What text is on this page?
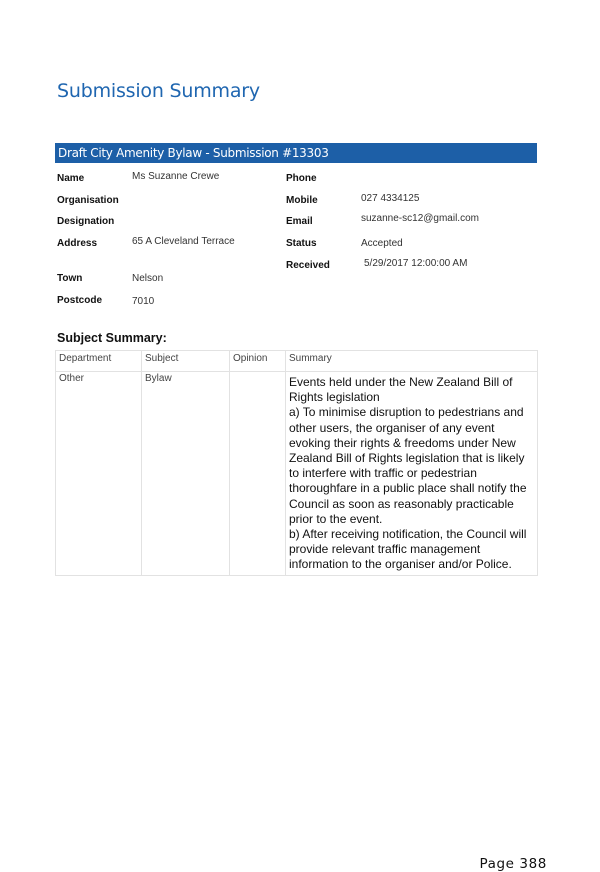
Submission Summary
Draft City Amenity Bylaw - Submission #13303
Name	Ms Suzanne Crewe
Organisation
Designation
Address	65 A Cleveland Terrace
Town	Nelson
Postcode	7010
Phone
Mobile	027 4334125
Email	suzanne-sc12@gmail.com
Status	Accepted
Received	5/29/2017 12:00:00 AM
Subject Summary:
Department	Subject	Opinion	Summary
Other	Bylaw		Events held under the New Zealand Bill of Rights legislation
a) To minimise disruption to pedestrians and other users, the organiser of any event evoking their rights & freedoms under New Zealand Bill of Rights legislation that is likely to interfere with traffic or pedestrian thoroughfare in a public place shall notify the Council as soon as reasonably practicable prior to the event.
b) After receiving notification, the Council will provide relevant traffic management information to the organiser and/or Police.
Page 388
